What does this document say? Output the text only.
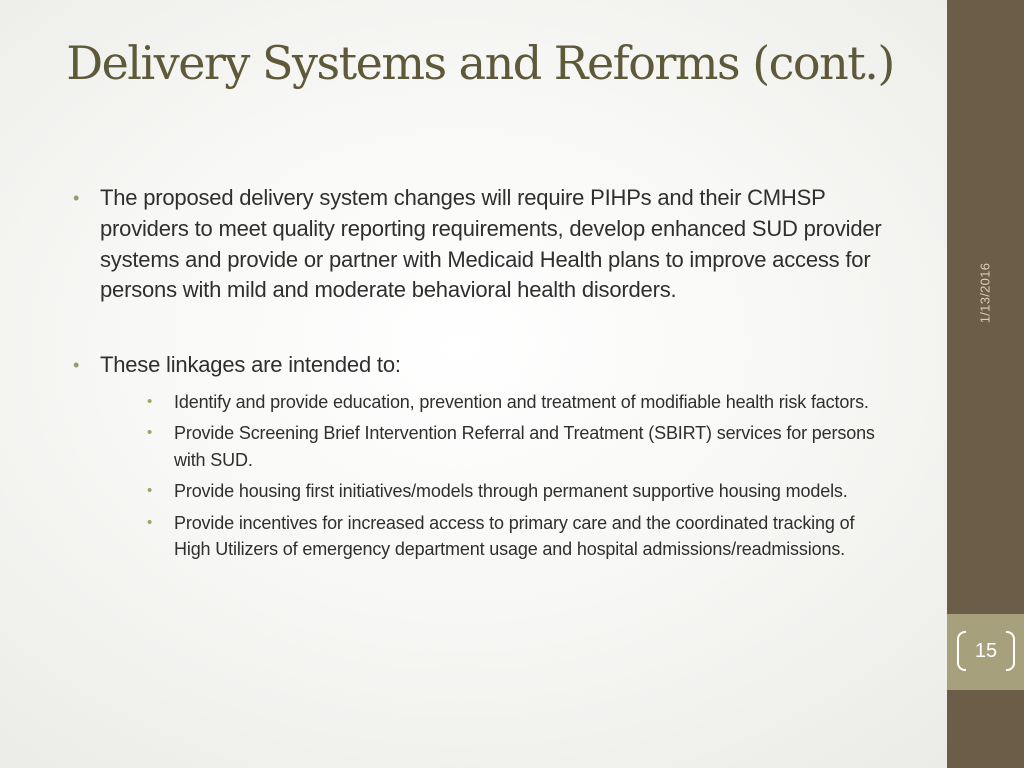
Delivery Systems and Reforms (cont.)
• The proposed delivery system changes will require PIHPs and their CMHSP providers to meet quality reporting requirements, develop enhanced SUD provider systems and provide or partner with Medicaid Health plans to improve access for persons with mild and moderate behavioral health disorders.
• These linkages are intended to:
• Identify and provide education, prevention and treatment of modifiable health risk factors.
• Provide Screening Brief Intervention Referral and Treatment (SBIRT) services for persons with SUD.
• Provide housing first initiatives/models through permanent supportive housing models.
• Provide incentives for increased access to primary care and the coordinated tracking of High Utilizers of emergency department usage and hospital admissions/readmissions.
1/13/2016
15
